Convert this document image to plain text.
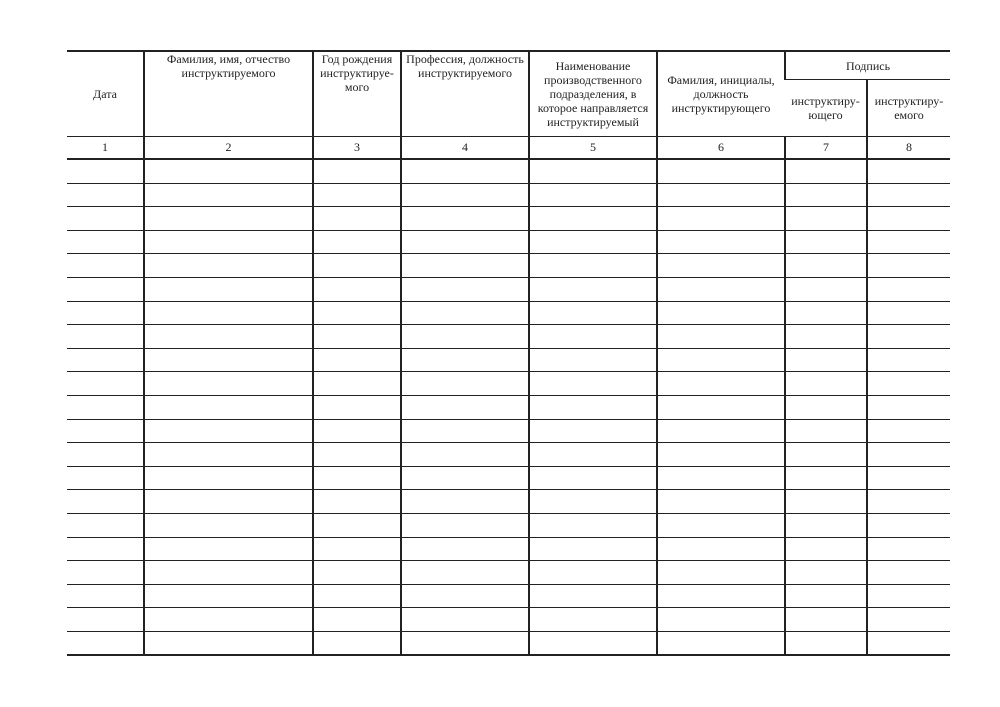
Дата	Фамилия, имя, отчество инструктируемого	Год рождения инструктируе-мого	Профессия, должность инструктируемого	Наименование производственного подразделения, в которое направляется инструктируемый	Фамилия, инициалы, должность инструктирующего	Подпись	
						инструктиру-ющего	инструктиру-емого
1	2	3	4	5	6	7	8
